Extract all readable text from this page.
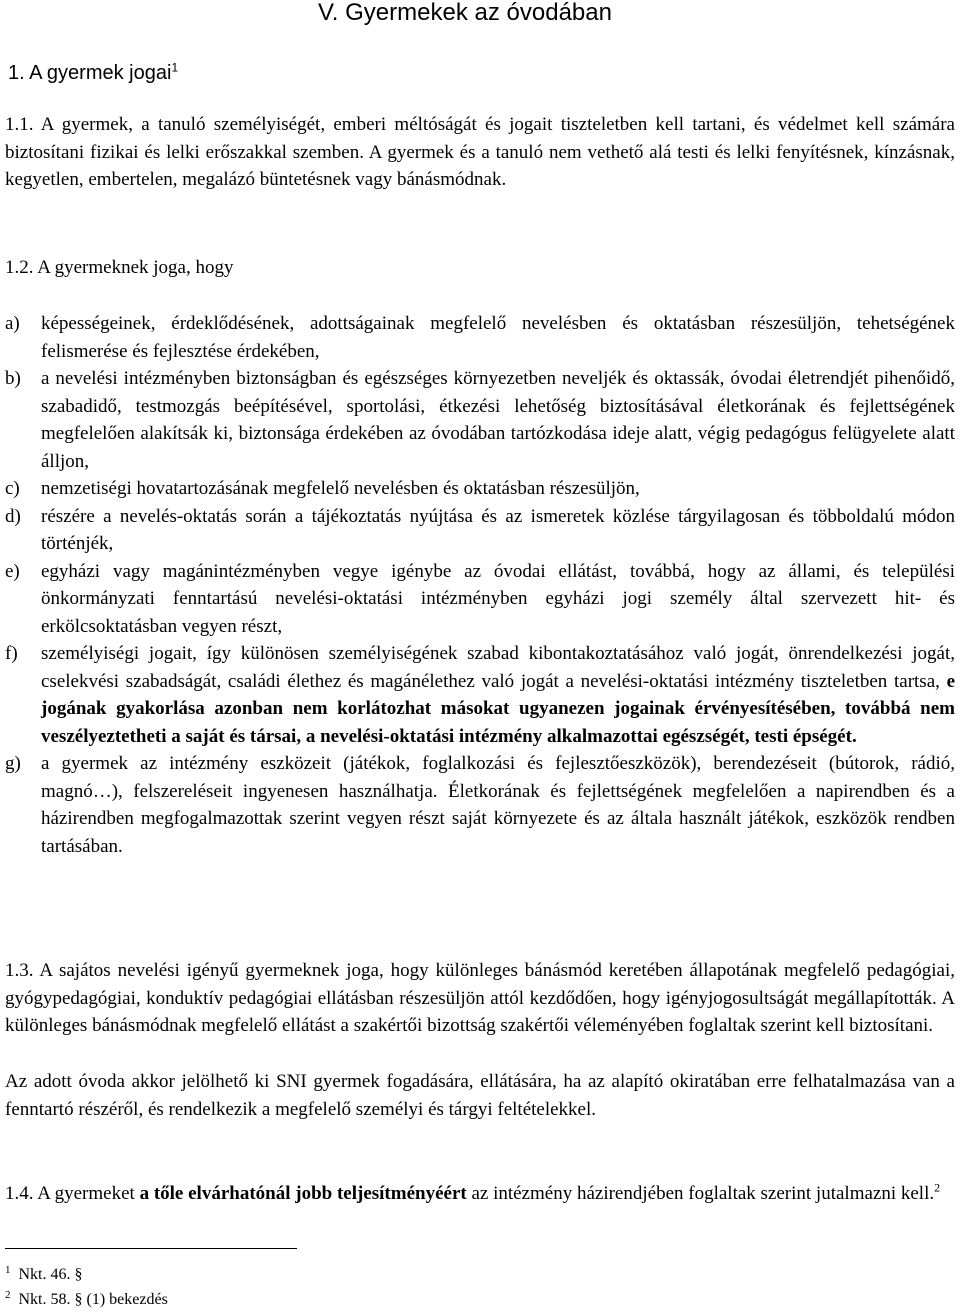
V. Gyermekek az óvodában
1. A gyermek jogai$^1$

1.1. A gyermek, a tanuló személyiségét, emberi méltóságát és jogait tiszteletben kell tartani, és védelmet kell számára biztosítani fizikai és lelki erőszakkal szemben. A gyermek és a tanuló nem vethető alá testi és lelki fenyítésnek, kínzásnak, kegyetlen, embertelen, megalázó büntetésnek vagy bánásmódnak.

1.2. A gyermeknek joga, hogy

a)	képességeinek, érdeklődésének, adottságainak megfelelő nevelésben és oktatásban részesüljön, tehetségének felismerése és fejlesztése érdekében,
b)	a nevelési intézményben biztonságban és egészséges környezetben neveljék és oktassák, óvodai életrendjét pihenőidő, szabadidő, testmozgás beépítésével, sportolási, étkezési lehetőség biztosításával életkorának és fejlettségének megfelelően alakítsák ki, biztonsága érdekében az óvodában tartózkodása ideje alatt, végig pedagógus felügyelete alatt álljon,
c)	nemzetiségi hovatartozásának megfelelő nevelésben és oktatásban részesüljön,
d)	részére a nevelés-oktatás során a tájékoztatás nyújtása és az ismeretek közlése tárgyilagosan és többoldalú módon történjék,
e)	egyházi vagy magánintézményben vegye igénybe az óvodai ellátást, továbbá, hogy az állami, és települési önkormányzati fenntartású nevelési-oktatási intézményben egyházi jogi személy által szervezett hit- és erkölcsoktatásban vegyen részt,
f)	személyiségi jogait, így különösen személyiségének szabad kibontakoztatásához való jogát, önrendelkezési jogát, cselekvési szabadságát, családi élethez és magánélethez való jogát a nevelési-oktatási intézmény tiszteletben tartsa, e jogának gyakorlása azonban nem korlátozhat másokat ugyanezen jogainak érvényesítésében, továbbá nem veszélyeztetheti a saját és társai, a nevelési-oktatási intézmény alkalmazottai egészségét, testi épségét.
g)	a gyermek az intézmény eszközeit (játékok, foglalkozási és fejlesztőeszközök), berendezéseit (bútorok, rádió, magnó…), felszereléseit ingyenesen használhatja. Életkorának és fejlettségének megfelelően a napirendben és a házirendben megfogalmazottak szerint vegyen részt saját környezete és az általa használt játékok, eszközök rendben tartásában.

1.3. A sajátos nevelési igényű gyermeknek joga, hogy különleges bánásmód keretében állapotának megfelelő pedagógiai, gyógypedagógiai, konduktív pedagógiai ellátásban részesüljön attól kezdődően, hogy igényjogosultságát megállapították. A különleges bánásmódnak megfelelő ellátást a szakértői bizottság szakértői véleményében foglaltak szerint kell biztosítani.

Az adott óvoda akkor jelölhető ki SNI gyermek fogadására, ellátására, ha az alapító okiratában erre felhatalmazása van a fenntartó részéről, és rendelkezik a megfelelő személyi és tárgyi feltételekkel.

1.4. A gyermeket a tőle elvárhatónál jobb teljesítményéért az intézmény házirendjében foglaltak szerint jutalmazni kell.$^2$

$^1$ Nkt. 46. §
$^2$ Nkt. 58. § (1) bekezdés
